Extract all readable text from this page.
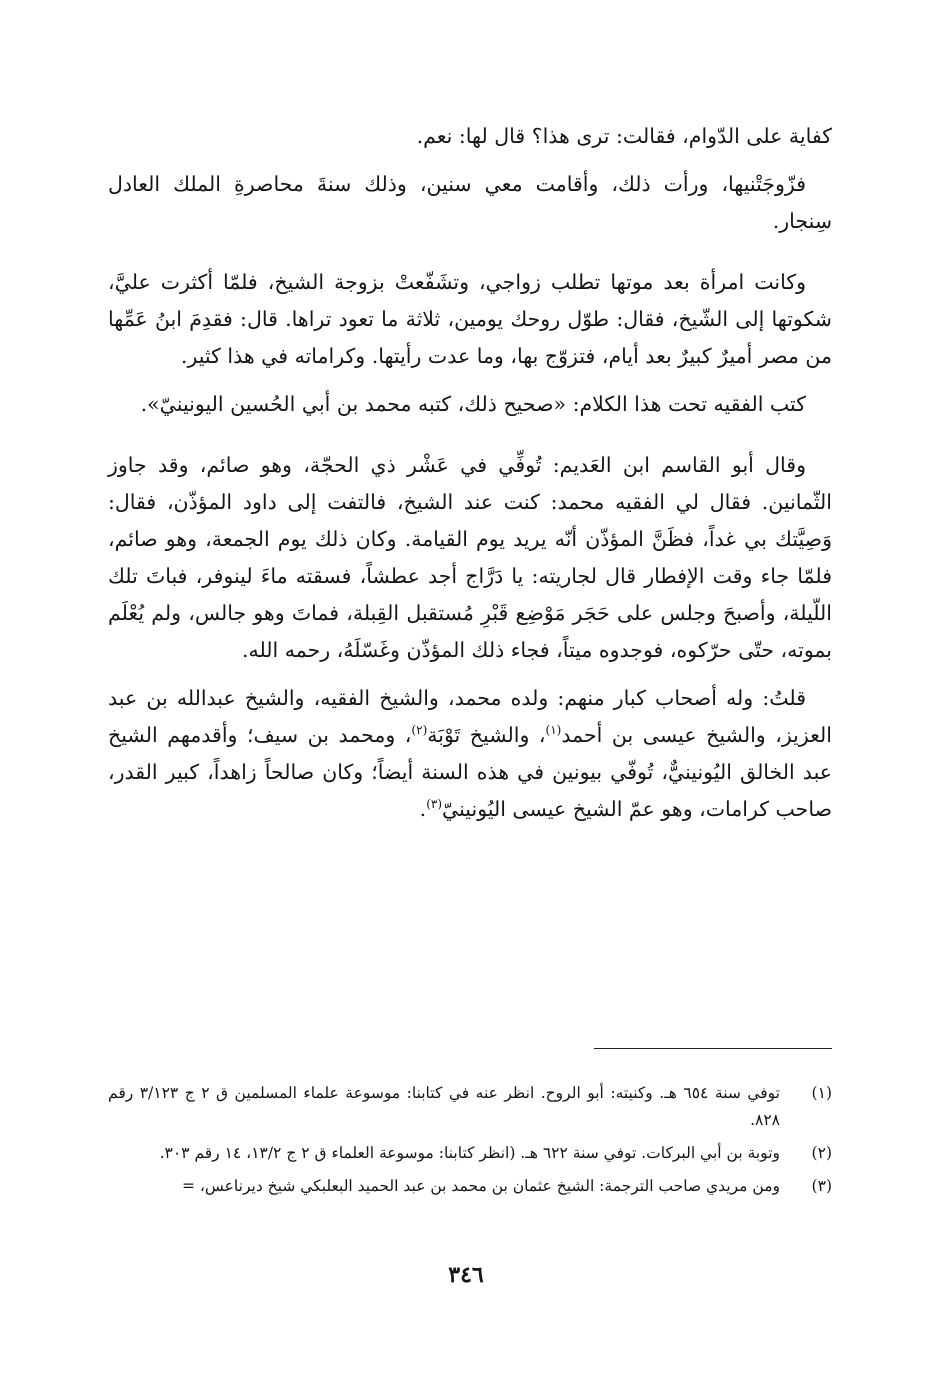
كفاية على الدّوام، فقالت: ترى هذا؟ قال لها: نعم.

فزّوجَتْنيها، ورأت ذلك، وأقامت معي سنين، وذلك سنةَ محاصرةِ الملك العادل سِنجار.

وكانت امرأة بعد موتها تطلب زواجي، وتشَفّعتْ بزوجة الشيخ، فلمّا أكثرت عليَّ، شكوتها إلى الشّيخ، فقال: طوّل روحك يومين، ثلاثة ما تعود تراها. قال: فقدِمَ ابنُ عَمِّها من مصر أميرٌ كبيرٌ بعد أيام، فتزوّج بها، وما عدت رأيتها. وكراماته في هذا كثير.

كتب الفقيه تحت هذا الكلام: «صحيح ذلك، كتبه محمد بن أبي الحُسين اليونينيّ».

وقال أبو القاسم ابن العَديم: تُوفِّي في عَشْر ذي الحجّة، وهو صائم، وقد جاوز الثّمانين. فقال لي الفقيه محمد: كنت عند الشيخ، فالتفت إلى داود المؤذّن، فقال: وَصِيَّتك بي غداً، فظَنَّ المؤذّن أنّه يريد يوم القيامة. وكان ذلك يوم الجمعة، وهو صائم، فلمّا جاء وقت الإفطار قال لجاريته: يا دَرَّاج أجد عطشاً، فسقته ماءَ لينوفر، فباتَ تلك اللّيلة، وأصبحَ وجلس على حَجَر مَوْضِع قَبْرِ مُستقبل القِبلة، فماتَ وهو جالس، ولم يُعْلَم بموته، حتّى حرّكوه، فوجدوه ميتاً، فجاء ذلك المؤذّن وغَسّلَهُ، رحمه الله.

قلتُ: وله أصحاب كبار منهم: ولده محمد، والشيخ الفقيه، والشيخ عبدالله بن عبد العزيز، والشيخ عيسى بن أحمد$^{(١)}$، والشيخ تَوْبَة$^{(٢)}$، ومحمد بن سيف؛ وأقدمهم الشيخ عبد الخالق اليُونينيٌّ، تُوفّي بيونين في هذه السنة أيضاً؛ وكان صالحاً زاهداً، كبير القدر، صاحب كرامات، وهو عمّ الشيخ عيسى اليُونينيّ$^{(٣)}$.

(١)
توفي سنة ٦٥٤ هـ. وكنيته: أبو الروح. انظر عنه في كتابنا: موسوعة علماء المسلمين ق ٢ ج ٣/١٢٣ رقم ٨٢٨.
(٢)
وتوبة بن أبي البركات. توفي سنة ٦٢٢ هـ. (انظر كتابنا: موسوعة العلماء ق ٢ ج ١٣/٢، ١٤ رقم ٣٠٣.
(٣)
ومن مريدي صاحب الترجمة: الشيخ عثمان بن محمد بن عبد الحميد البعلبكي شيخ ديرناعس، =
٣٤٦
